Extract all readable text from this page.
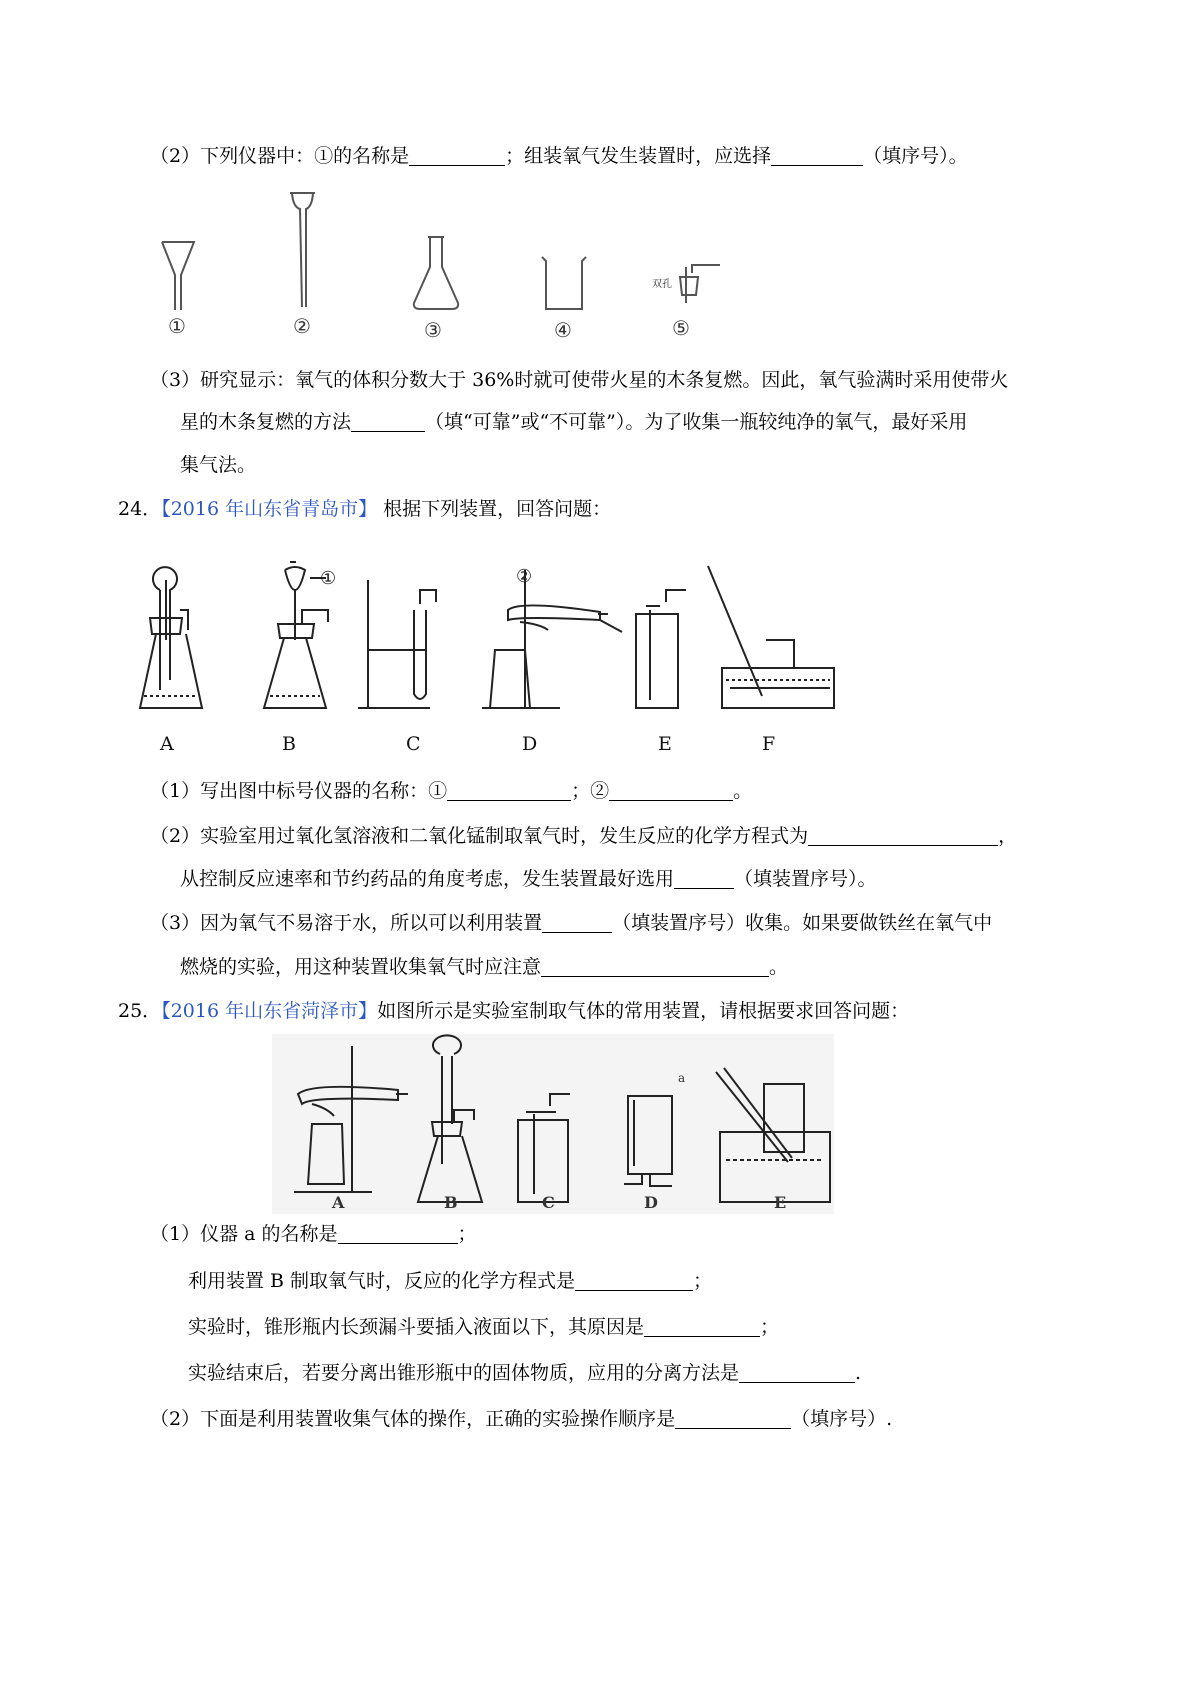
（2）下列仪器中：①的名称是	；组装氧气发生装置时，应选择	（填序号）。
双孔
①	②	③	④	⑤
（3）研究显示：氧气的体积分数大于 36%时就可使带火星的木条复燃。因此，氧气验满时采用使带火
星的木条复燃的方法	（填“可靠”或“不可靠”）。为了收集一瓶较纯净的氧气，最好采用
集气法。
24．【2016 年山东省青岛市】 根据下列装置，回答问题：
①	②
A	B	C	D	E	F
（1）写出图中标号仪器的名称：①	；②	。
（2）实验室用过氧化氢溶液和二氧化锰制取氧气时，发生反应的化学方程式为	，
从控制反应速率和节约药品的角度考虑，发生装置最好选用	（填装置序号）。
（3）因为氧气不易溶于水，所以可以利用装置	（填装置序号）收集。如果要做铁丝在氧气中
燃烧的实验，用这种装置收集氧气时应注意	。
25．【2016 年山东省菏泽市】如图所示是实验室制取气体的常用装置，请根据要求回答问题：
a
A	B	C	D	E
（1）仪器 a 的名称是	；
利用装置 B 制取氧气时，反应的化学方程式是	；
实验时，锥形瓶内长颈漏斗要插入液面以下，其原因是	；
实验结束后，若要分离出锥形瓶中的固体物质，应用的分离方法是	.
（2）下面是利用装置收集气体的操作，正确的实验操作顺序是	（填序号）.
